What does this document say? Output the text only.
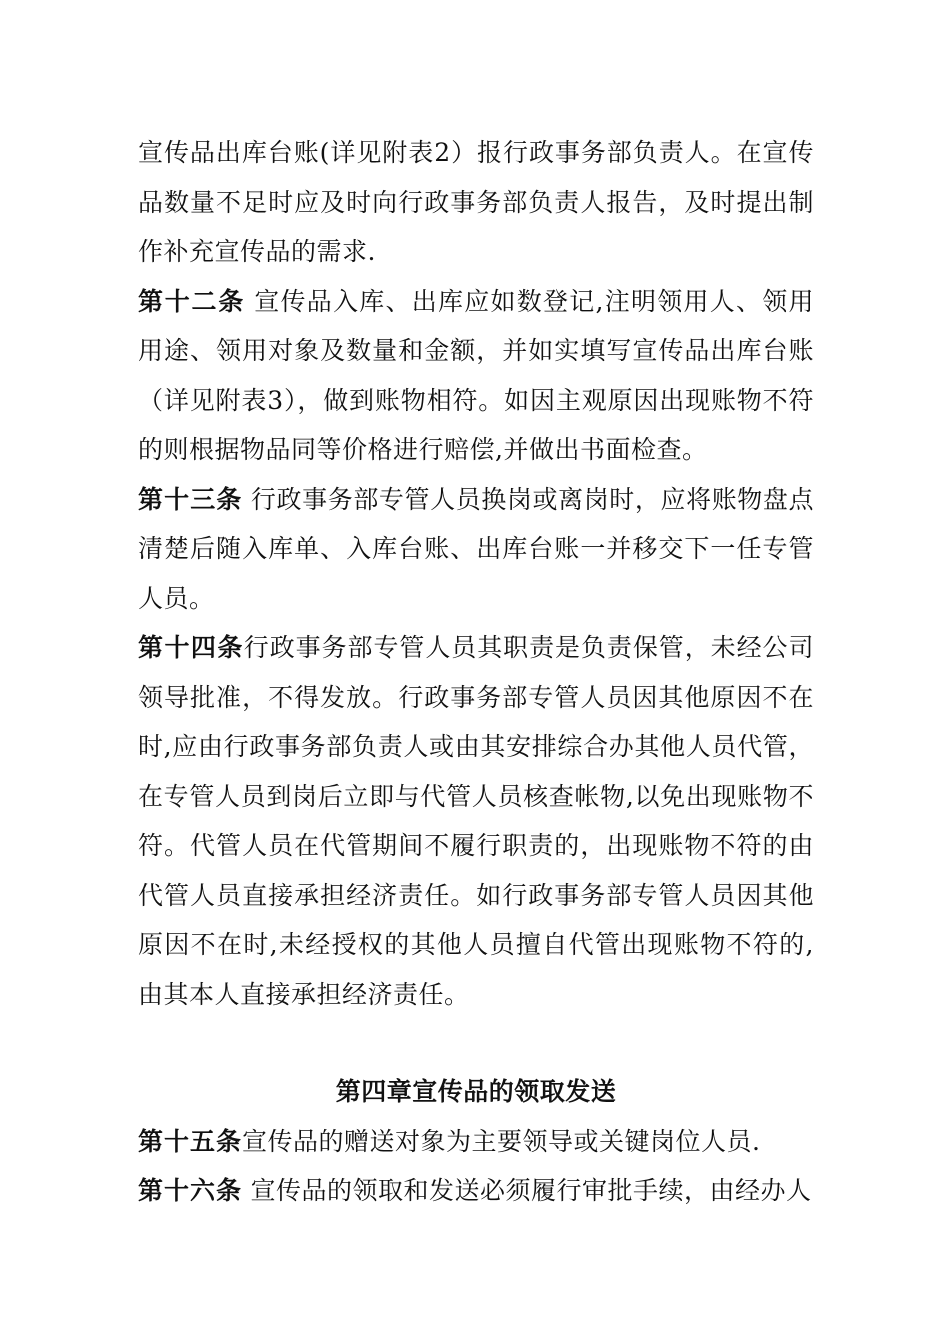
宣传品出库台账(详见附表2）报行政事务部负责人。在宣传品数量不足时应及时向行政事务部负责人报告，及时提出制作补充宣传品的需求.

第十二条 宣传品入库、出库应如数登记,注明领用人、领用用途、领用对象及数量和金额，并如实填写宣传品出库台账（详见附表3），做到账物相符。如因主观原因出现账物不符的则根据物品同等价格进行赔偿,并做出书面检查。

第十三条 行政事务部专管人员换岗或离岗时，应将账物盘点清楚后随入库单、入库台账、出库台账一并移交下一任专管人员。

第十四条行政事务部专管人员其职责是负责保管，未经公司领导批准，不得发放。行政事务部专管人员因其他原因不在时,应由行政事务部负责人或由其安排综合办其他人员代管，在专管人员到岗后立即与代管人员核查帐物,以免出现账物不符。代管人员在代管期间不履行职责的，出现账物不符的由代管人员直接承担经济责任。如行政事务部专管人员因其他原因不在时,未经授权的其他人员擅自代管出现账物不符的,由其本人直接承担经济责任。

第四章宣传品的领取发送

第十五条宣传品的赠送对象为主要领导或关键岗位人员.

第十六条 宣传品的领取和发送必须履行审批手续，由经办人
